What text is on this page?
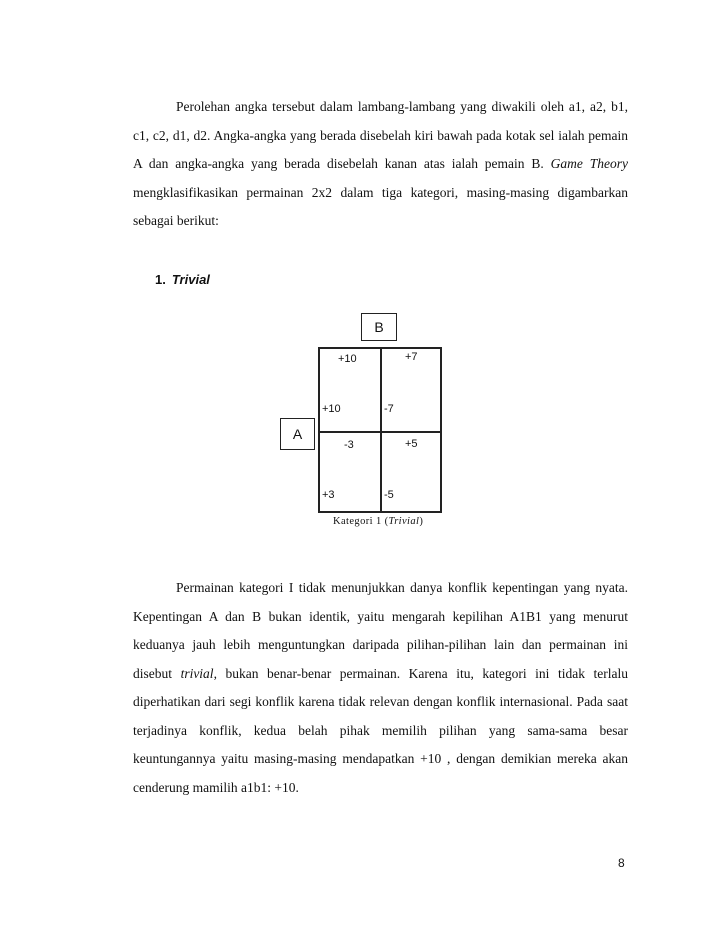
Perolehan angka tersebut dalam lambang-lambang yang diwakili oleh a1, a2, b1, c1, c2, d1, d2. Angka-angka yang berada disebelah kiri bawah pada kotak sel ialah pemain A dan angka-angka yang berada disebelah kanan atas ialah pemain B. Game Theory mengklasifikasikan permainan 2x2 dalam tiga kategori, masing-masing digambarkan sebagai berikut:

1. Trivial
B
A
+10	+7
+10	-7
-3	+5
+3	-5
Kategori 1 (Trivial)

Permainan kategori I tidak menunjukkan danya konflik kepentingan yang nyata. Kepentingan A dan B bukan identik, yaitu mengarah kepilihan A1B1 yang menurut keduanya jauh lebih menguntungkan daripada pilihan-pilihan lain dan permainan ini disebut trivial, bukan benar-benar permainan. Karena itu, kategori ini tidak terlalu diperhatikan dari segi konflik karena tidak relevan dengan konflik internasional. Pada saat terjadinya konflik, kedua belah pihak memilih pilihan yang sama-sama besar keuntungannya yaitu masing-masing mendapatkan +10 , dengan demikian mereka akan cenderung mamilih a1b1: +10.

8
